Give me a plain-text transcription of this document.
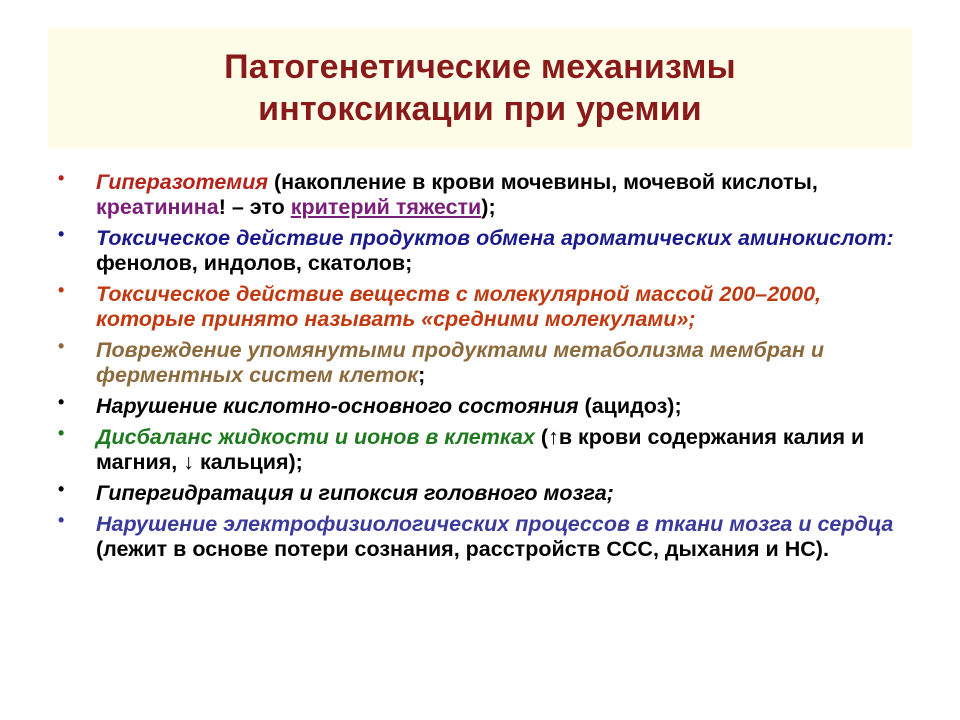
Патогенетические механизмы
интоксикации при уремии
• Гиперазотемия (накопление в крови мочевины, мочевой кислоты, креатинина! – это критерий тяжести);
• Токсическое действие продуктов обмена ароматических аминокислот: фенолов, индолов, скатолов;
• Токсическое действие веществ с молекулярной массой 200–2000, которые принято называть «средними молекулами»;
• Повреждение упомянутыми продуктами метаболизма мембран и ферментных систем клеток;
• Нарушение кислотно-основного состояния (ацидоз);
• Дисбаланс жидкости и ионов в клетках (↑в крови содержания калия и магния, ↓ кальция);
• Гипергидратация и гипоксия головного мозга;
• Нарушение электрофизиологических процессов в ткани мозга и сердца (лежит в основе потери сознания, расстройств ССС, дыхания и НС).
